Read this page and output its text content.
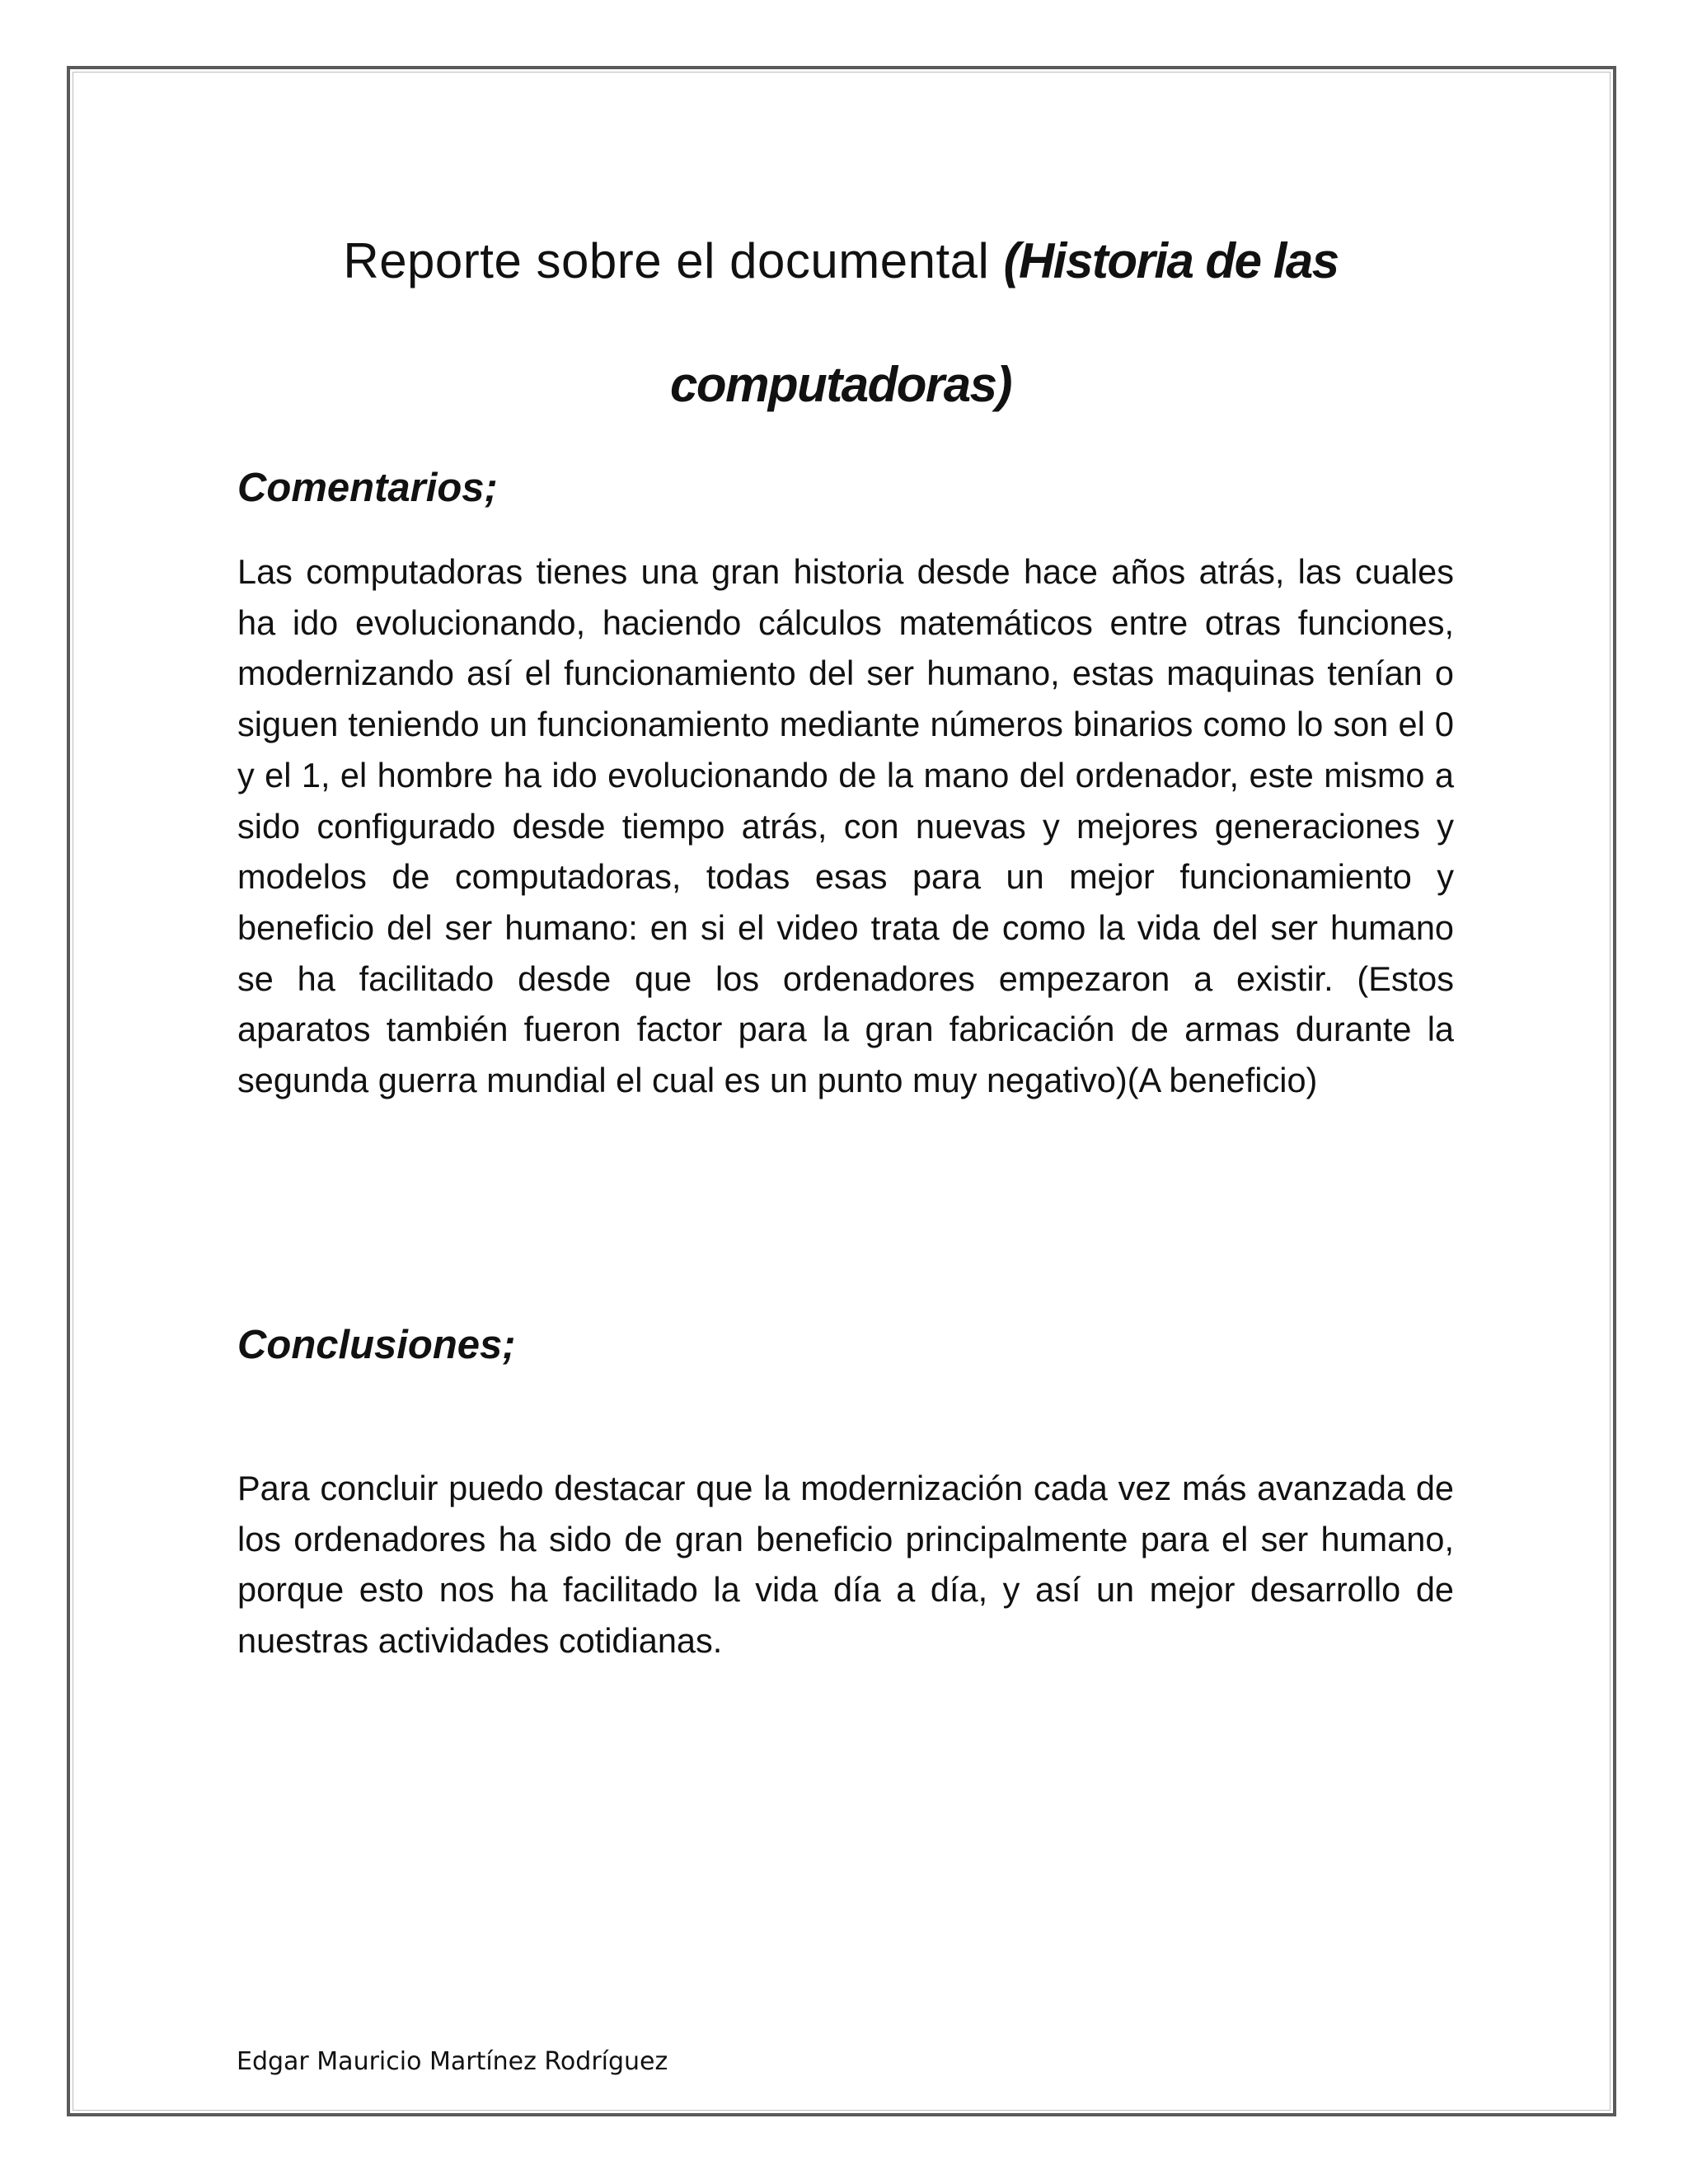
Reporte sobre el documental (Historia de las computadoras)
Comentarios;

Las computadoras tienes una gran historia desde hace años atrás, las cuales ha ido evolucionando, haciendo cálculos matemáticos entre otras funciones, modernizando así el funcionamiento del ser humano, estas maquinas tenían o siguen teniendo un funcionamiento mediante números binarios como lo son el 0 y el 1, el hombre ha ido evolucionando de la mano del ordenador, este mismo a sido configurado desde tiempo atrás, con nuevas y mejores generaciones y modelos de computadoras, todas esas para un mejor funcionamiento y beneficio del ser humano: en si el video trata de como la vida del ser humano se ha facilitado desde que los ordenadores empezaron a existir. (Estos aparatos también fueron factor para la gran fabricación de armas durante la segunda guerra mundial el cual es un punto muy negativo)(A beneficio)

Conclusiones;

Para concluir puedo destacar que la modernización cada vez más avanzada de los ordenadores ha sido de gran beneficio principalmente para el ser humano, porque esto nos ha facilitado la vida día a día, y así un mejor desarrollo de nuestras actividades cotidianas.

Edgar Mauricio Martínez Rodríguez
